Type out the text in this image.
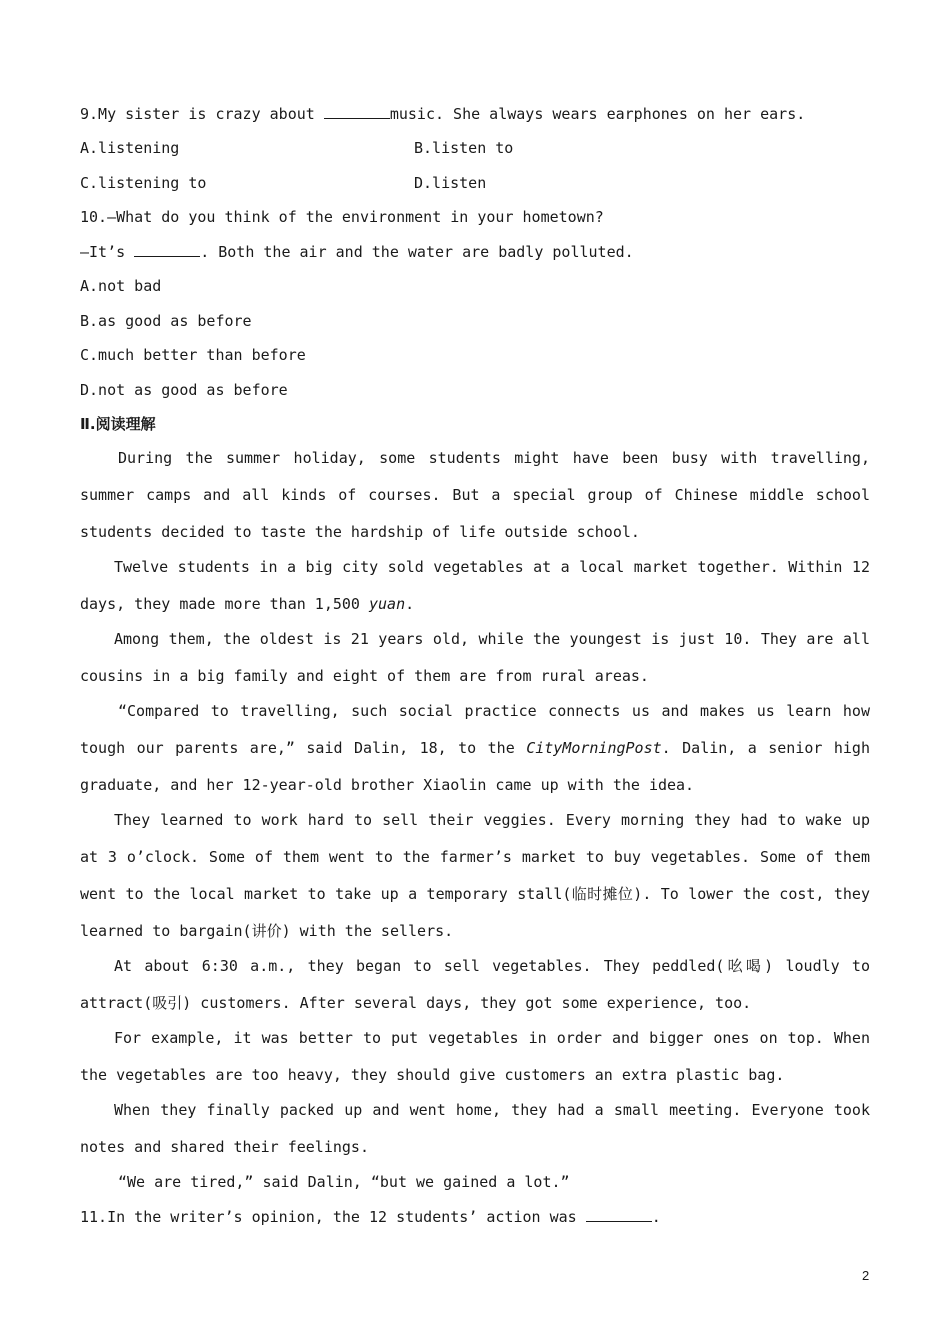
9.My sister is crazy about	music. She always wears earphones on her ears.
A.listening	B.listen to
C.listening to	D.listen
10.—What do you think of the environment in your hometown?
—It’s	. Both the air and the water are badly polluted.
A.not bad
B.as good as before
C.much better than before
D.not as good as before
Ⅱ.阅读理解
During the summer holiday, some students might have been busy with travelling, summer camps and all kinds of courses. But a special group of Chinese middle school students decided to taste the hardship of life outside school.
Twelve students in a big city sold vegetables at a local market together. Within 12 days, they made more than 1,500 yuan.
Among them, the oldest is 21 years old, while the youngest is just 10. They are all cousins in a big family and eight of them are from rural areas.
“Compared to travelling, such social practice connects us and makes us learn how tough our parents are,” said Dalin, 18, to the CityMorningPost. Dalin, a senior high graduate, and her 12-year-old brother Xiaolin came up with the idea.
They learned to work hard to sell their veggies. Every morning they had to wake up at 3 o’clock. Some of them went to the farmer’s market to buy vegetables. Some of them went to the local market to take up a temporary stall(临时摊位). To lower the cost, they learned to bargain(讲价) with the sellers.
At about 6:30 a.m., they began to sell vegetables. They peddled(吆喝) loudly to attract(吸引) customers. After several days, they got some experience, too.
For example, it was better to put vegetables in order and bigger ones on top. When the vegetables are too heavy, they should give customers an extra plastic bag.
When they finally packed up and went home, they had a small meeting. Everyone took notes and shared their feelings.
“We are tired,” said Dalin, “but we gained a lot.”
11.In the writer’s opinion, the 12 students’ action was	.
2
